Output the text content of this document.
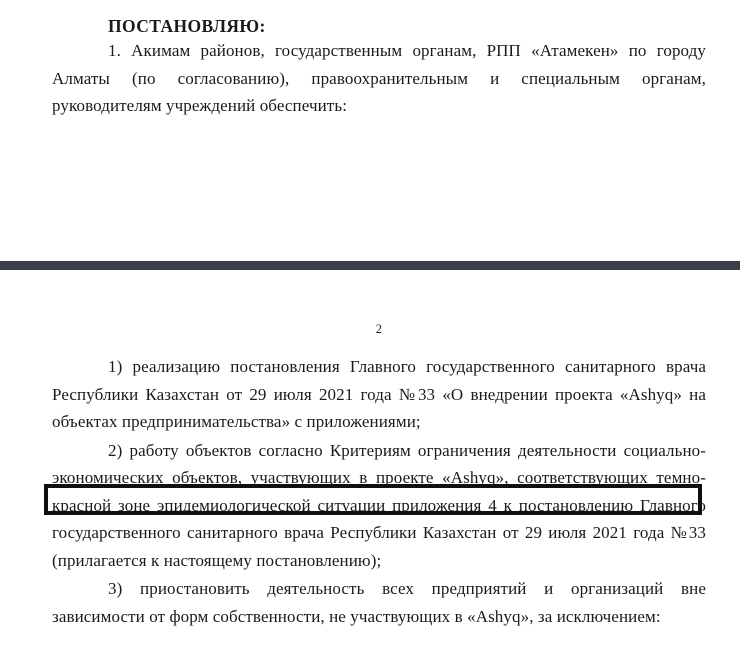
ПОСТАНОВЛЯЮ:

1. Акимам районов, государственным органам, РПП «Атамекен» по городу Алматы (по согласованию), правоохранительным и специальным органам, руководителям учреждений обеспечить:

2

1) реализацию постановления Главного государственного санитарного врача Республики Казахстан от 29 июля 2021 года №33 «О внедрении проекта «Ashyq» на объектах предпринимательства» с приложениями;

2) работу объектов согласно Критериям ограничения деятельности социально-экономических объектов, участвующих в проекте «Ashyq», соответствующих темно-красной зоне эпидемиологической ситуации приложения 4 к постановлению Главного государственного санитарного врача Республики Казахстан от 29 июля 2021 года №33 (прилагается к настоящему постановлению);

3) приостановить деятельность всех предприятий и организаций вне зависимости от форм собственности, не участвующих в «Ashyq», за исключением:
